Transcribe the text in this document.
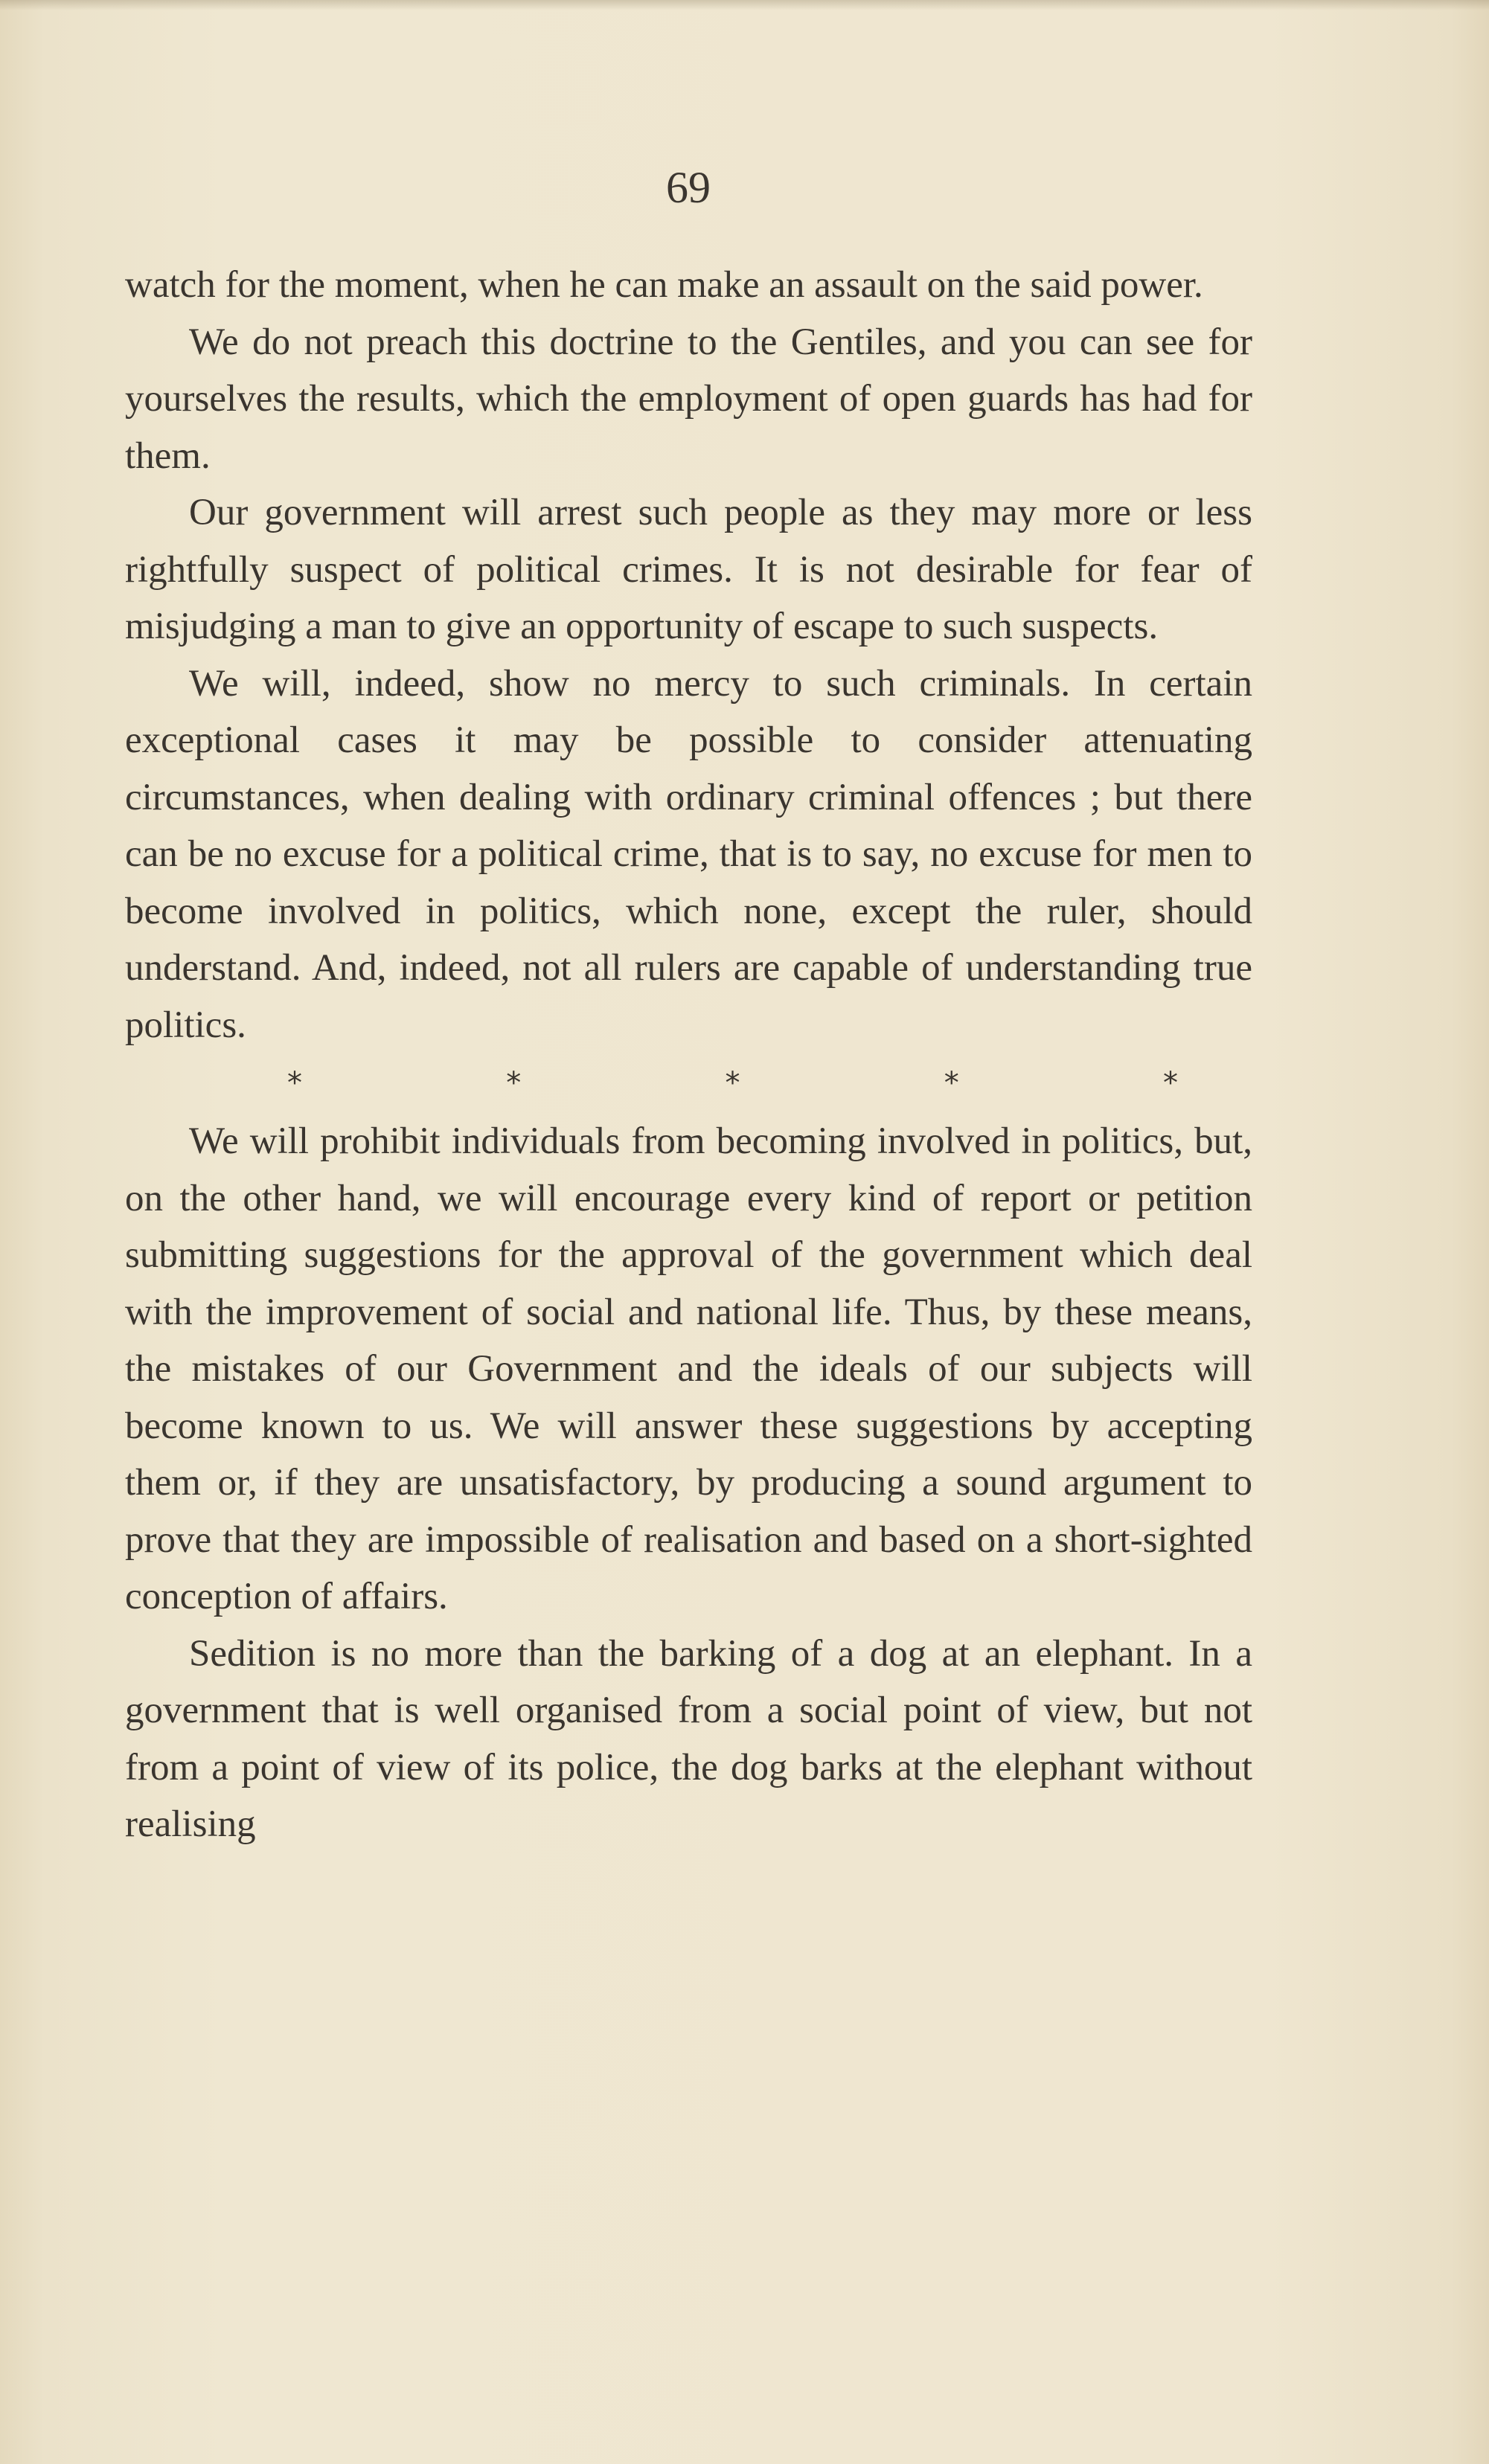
69

watch for the moment, when he can make an assault on the said power.

We do not preach this doctrine to the Gentiles, and you can see for yourselves the results, which the employment of open guards has had for them.

Our government will arrest such people as they may more or less rightfully suspect of political crimes. It is not desirable for fear of misjudging a man to give an opportunity of escape to such suspects.

We will, indeed, show no mercy to such criminals. In certain exceptional cases it may be possible to consider attenuating circumstances, when dealing with ordinary criminal offences ; but there can be no excuse for a political crime, that is to say, no excuse for men to become involved in politics, which none, except the ruler, should understand. And, indeed, not all rulers are capable of understanding true politics.

*	*	*	*	*

We will prohibit individuals from becoming involved in politics, but, on the other hand, we will encourage every kind of report or petition submitting suggestions for the approval of the government which deal with the improvement of social and national life. Thus, by these means, the mistakes of our Government and the ideals of our subjects will become known to us. We will answer these suggestions by accepting them or, if they are unsatisfactory, by producing a sound argument to prove that they are impossible of realisation and based on a short-sighted conception of affairs.

Sedition is no more than the barking of a dog at an elephant. In a government that is well organised from a social point of view, but not from a point of view of its police, the dog barks at the elephant without realising
